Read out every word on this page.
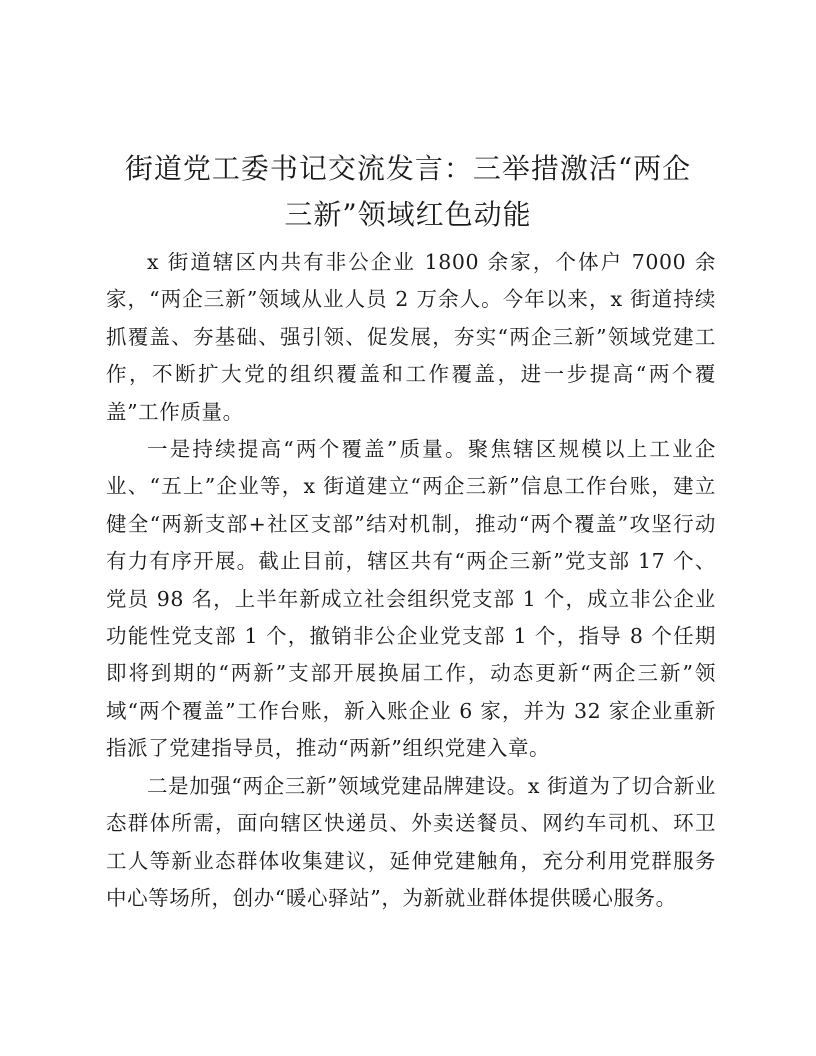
街道党工委书记交流发言：三举措激活“两企
三新”领域红色动能

x 街道辖区内共有非公企业 1800 余家，个体户 7000 余家，“两企三新”领域从业人员 2 万余人。今年以来，x 街道持续抓覆盖、夯基础、强引领、促发展，夯实“两企三新”领域党建工作，不断扩大党的组织覆盖和工作覆盖，进一步提高“两个覆盖”工作质量。

一是持续提高“两个覆盖”质量。聚焦辖区规模以上工业企业、“五上”企业等，x 街道建立“两企三新”信息工作台账，建立健全“两新支部+社区支部”结对机制，推动“两个覆盖”攻坚行动有力有序开展。截止目前，辖区共有“两企三新”党支部 17 个、党员 98 名，上半年新成立社会组织党支部 1 个，成立非公企业功能性党支部 1 个，撤销非公企业党支部 1 个，指导 8 个任期即将到期的“两新”支部开展换届工作，动态更新“两企三新”领域“两个覆盖”工作台账，新入账企业 6 家，并为 32 家企业重新指派了党建指导员，推动“两新”组织党建入章。

二是加强“两企三新”领域党建品牌建设。x 街道为了切合新业态群体所需，面向辖区快递员、外卖送餐员、网约车司机、环卫工人等新业态群体收集建议，延伸党建触角，充分利用党群服务中心等场所，创办“暖心驿站”，为新就业群体提供暖心服务。
